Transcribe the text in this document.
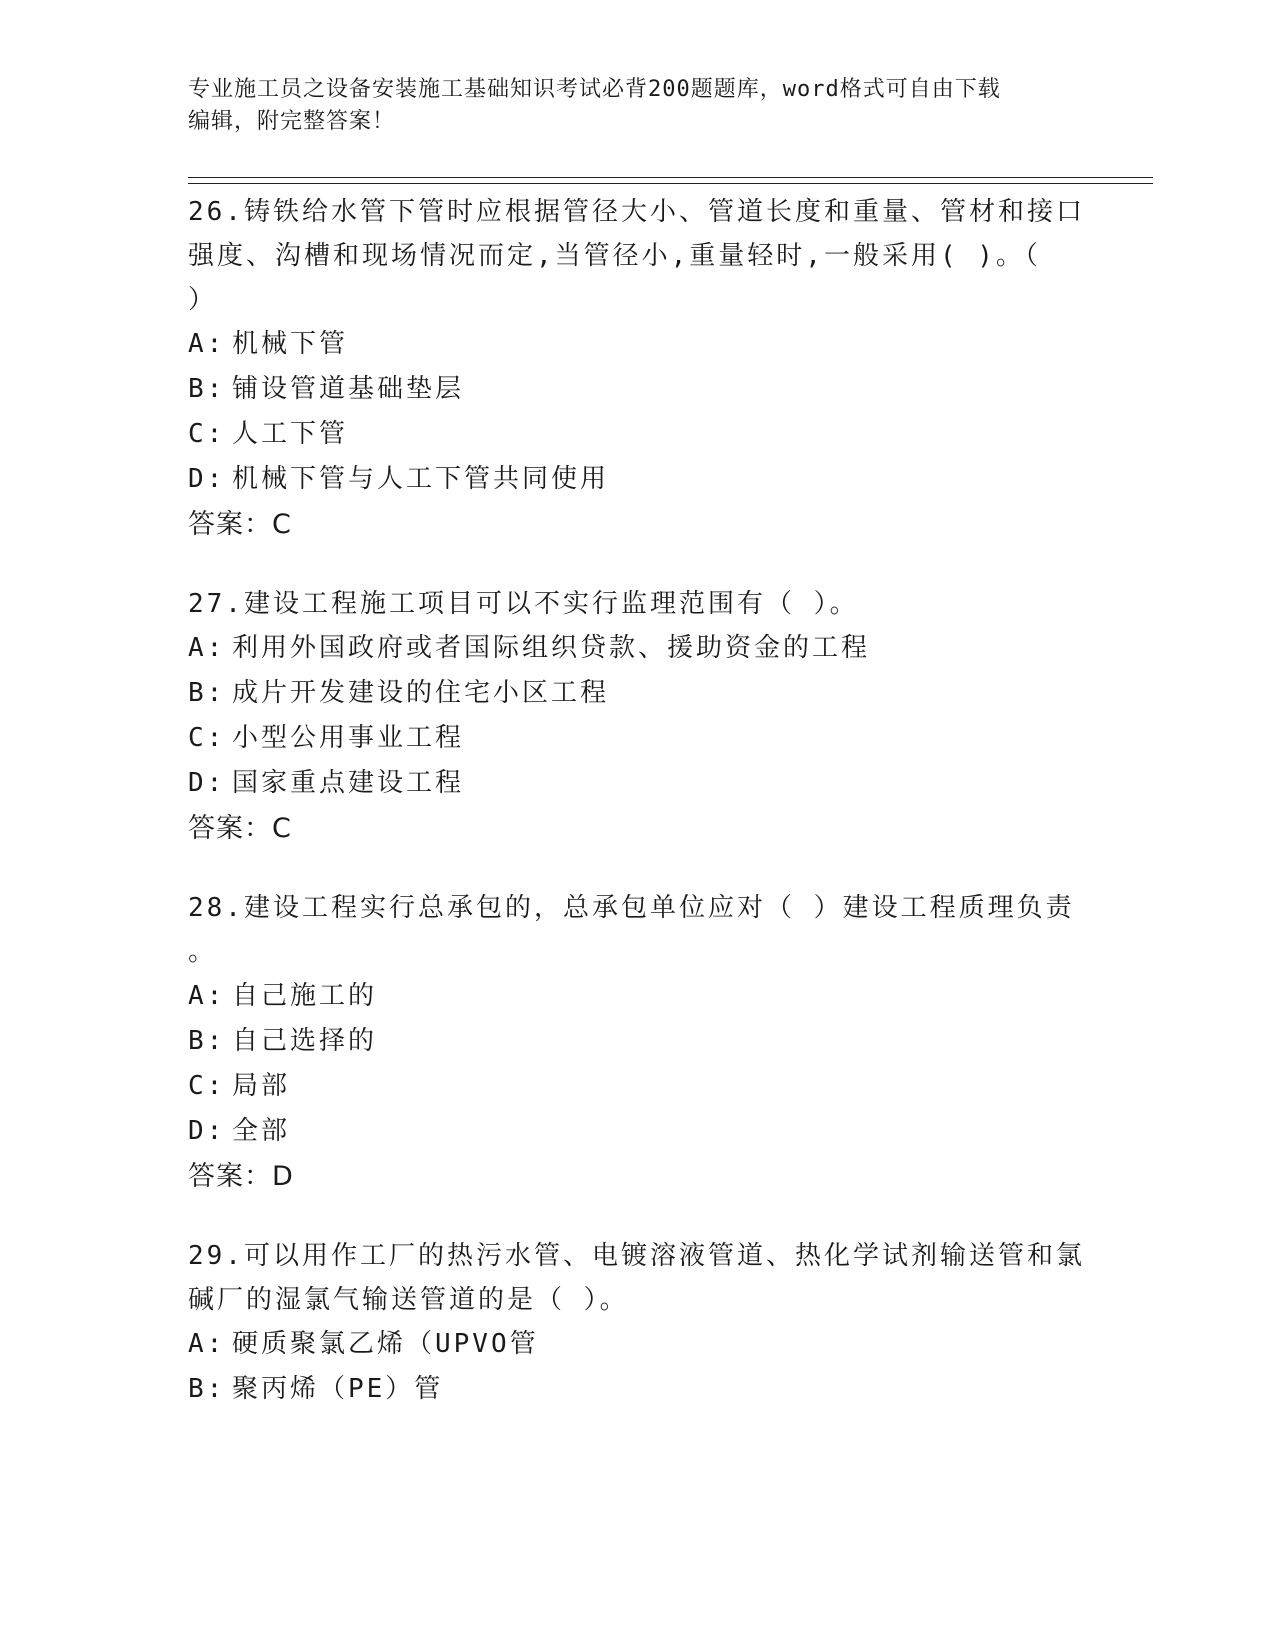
专业施工员之设备安装施工基础知识考试必背200题题库，word格式可自由下载
编辑，附完整答案！

26.铸铁给水管下管时应根据管径大小、管道长度和重量、管材和接口

强度、沟槽和现场情况而定,当管径小,重量轻时,一般采用( )。（

）

A: 机械下管

B: 铺设管道基础垫层

C: 人工下管

D: 机械下管与人工下管共同使用

答案：C

27.建设工程施工项目可以不实行监理范围有（ ）。

A: 利用外国政府或者国际组织贷款、援助资金的工程

B: 成片开发建设的住宅小区工程

C: 小型公用事业工程

D: 国家重点建设工程

答案：C

28.建设工程实行总承包的，总承包单位应对（ ）建设工程质理负责

。

A: 自己施工的

B: 自己选择的

C: 局部

D: 全部

答案：D

29.可以用作工厂的热污水管、电镀溶液管道、热化学试剂输送管和氯

碱厂的湿氯气输送管道的是（ ）。

A: 硬质聚氯乙烯（UPVO管

B: 聚丙烯（PE）管
